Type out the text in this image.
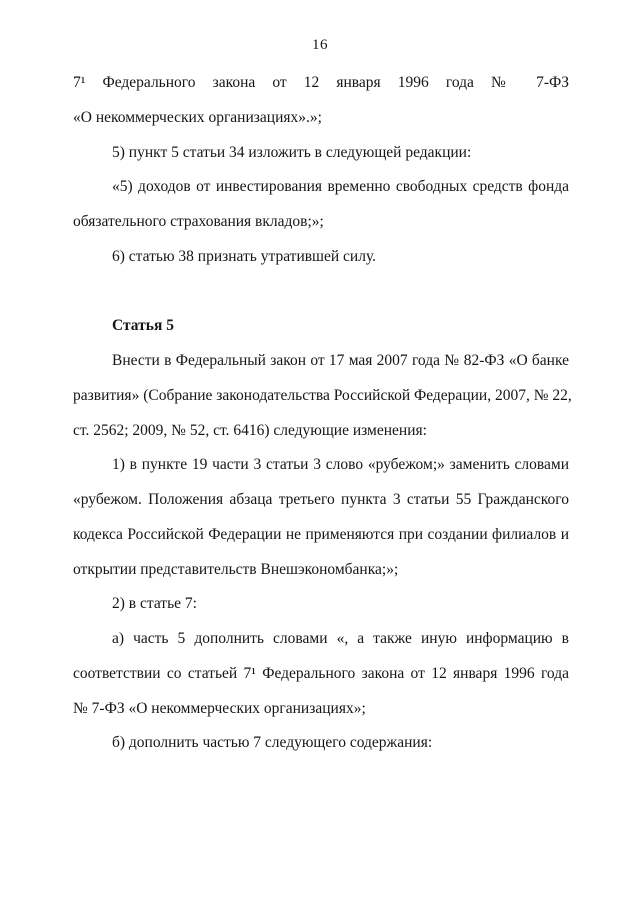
16

7¹ Федерального закона от 12 января 1996 года № 7-ФЗ
«О некоммерческих организациях».»;

5) пункт 5 статьи 34 изложить в следующей редакции:

«5) доходов от инвестирования временно свободных средств фонда
обязательного страхования вкладов;»;

6) статью 38 признать утратившей силу.

Статья 5

Внести в Федеральный закон от 17 мая 2007 года № 82-ФЗ «О банке
развития» (Собрание законодательства Российской Федерации, 2007, № 22,
ст. 2562; 2009, № 52, ст. 6416) следующие изменения:

1) в пункте 19 части 3 статьи 3 слово «рубежом;» заменить словами
«рубежом. Положения абзаца третьего пункта 3 статьи 55 Гражданского
кодекса Российской Федерации не применяются при создании филиалов и
открытии представительств Внешэкономбанка;»;

2) в статье 7:

а) часть 5 дополнить словами «, а также иную информацию в
соответствии со статьей 7¹ Федерального закона от 12 января 1996 года
№ 7-ФЗ «О некоммерческих организациях»;

б) дополнить частью 7 следующего содержания:
